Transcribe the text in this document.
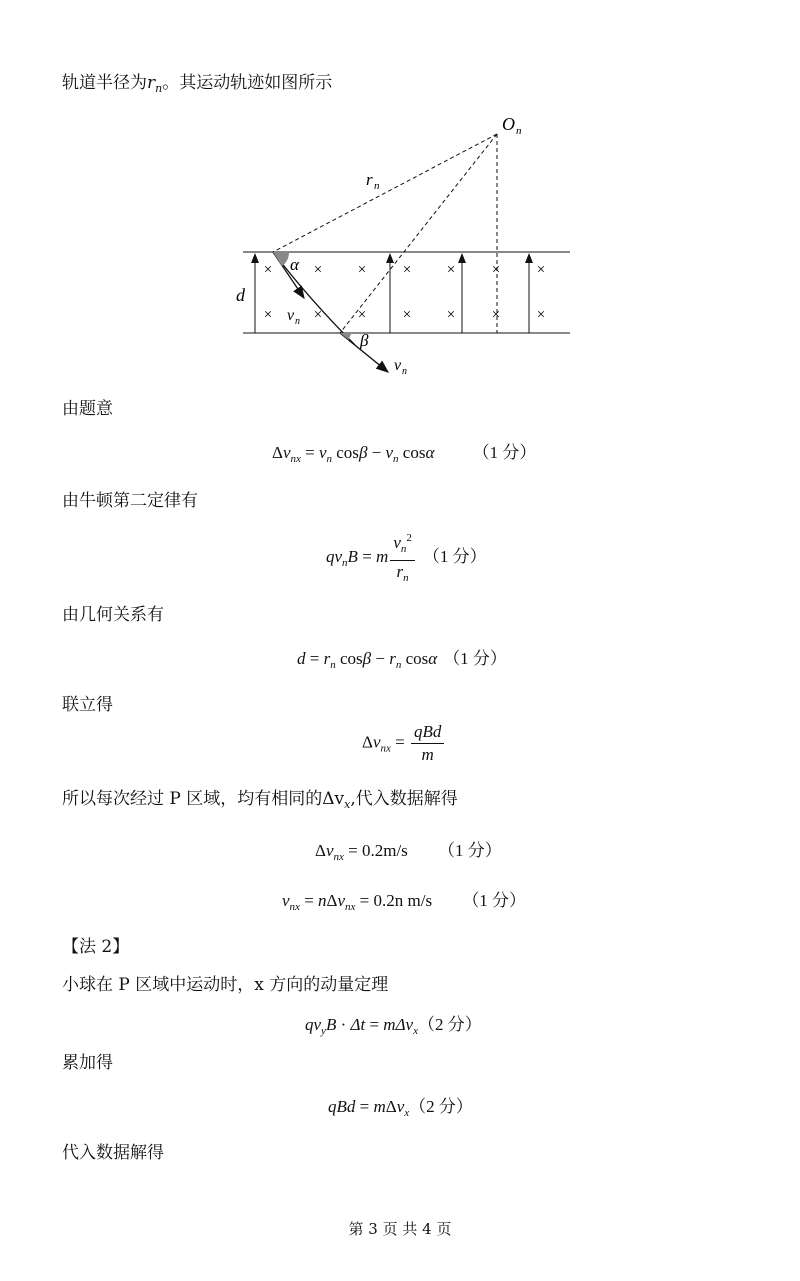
轨道半径为$r_n$。其运动轨迹如图所示
×	× × × × × ×
×	× × × × × ×
O n
r n
d
α
β
v n
v n
由题意
$\Delta v_{nx} = v_n$ $\cos\beta - v_n$ cosα （1 分）
由牛顿第二定律有
$qv_nB = m \frac{v_n^2}{r_n} (1$ 分）
由几何关系有
$d = r_n$ $\cos\beta - r_n$ cosα （1 分）
联立得
$\Delta v_{nx} = \frac{\text{qBd}}{m}$
所以每次经过 P 区域，均有相同的$\Delta v_x$,代入数据解得
$\Delta v_{nx} = 0.2m/s$ （1 分）
$v_{nx} = n\Delta v_{nx} = 0.2n$ m/s （1 分）
【法 2】
小球在 P 区域中运动时，x 方向的动量定理
$qv_yB \cdot \Delta t = m\Delta v_x(2$ 分）
累加得
qBd = mΔv$_x$（2 分）
代入数据解得
第 3 页 共 4 页
